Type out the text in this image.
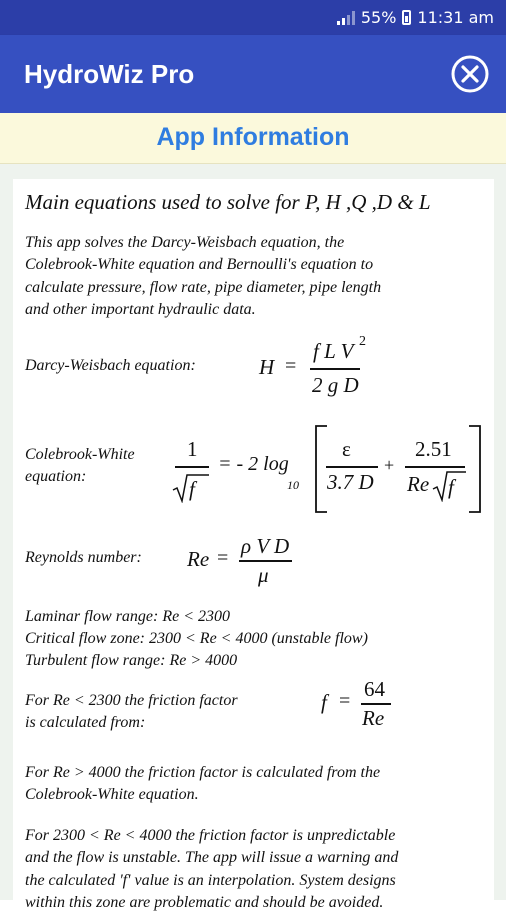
55% 11:31 am
HydroWiz Pro
App Information
Main equations used to solve for P, H ,Q ,D & L

This app solves the Darcy-Weisbach equation, the
Colebrook-White equation and Bernoulli's equation to
calculate pressure, flow rate, pipe diameter, pipe length
and other important hydraulic data.

Darcy-Weisbach equation:	H =
f L V 2
2 g D
Colebrook-White
equation:
1
f
= - 2 log
10
ε
3.7 D
+
2.51
Re f
Reynolds number: Re = ρ V D
μ
Laminar flow range: Re < 2300
Critical flow zone: 2300 < Re < 4000 (unstable flow)
Turbulent flow range: Re > 4000
For Re < 2300 the friction factor
is calculated from:
f = 64
Re

For Re > 4000 the friction factor is calculated from the
Colebrook-White equation.

For 2300 < Re < 4000 the friction factor is unpredictable
and the flow is unstable. The app will issue a warning and
the calculated 'f' value is an interpolation. System designs
within this zone are problematic and should be avoided.
